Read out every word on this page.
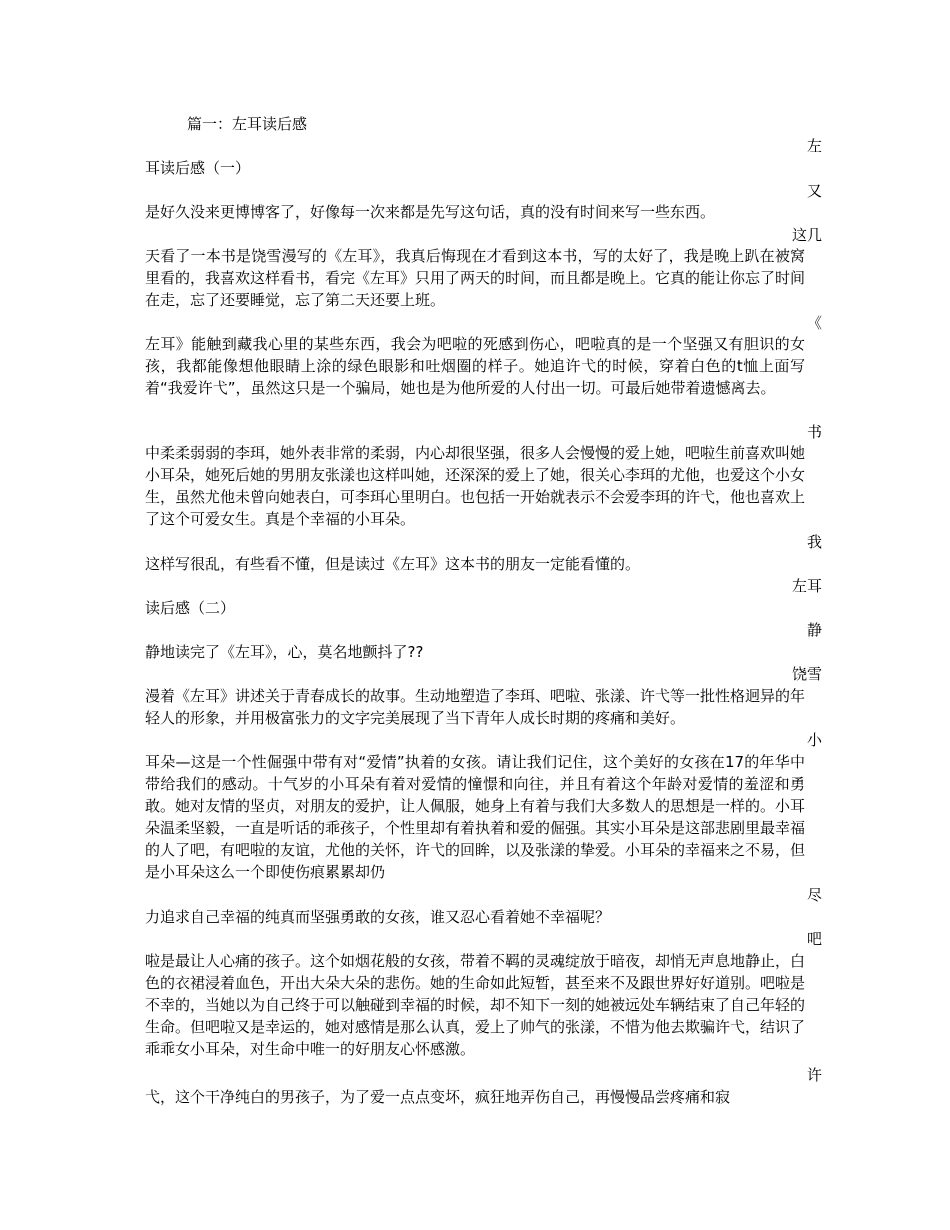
篇一：左耳读后感
左

耳读后感（一）

又

是好久没来更博博客了，好像每一次来都是先写这句话，真的没有时间来写一些东西。

这几

天看了一本书是饶雪漫写的《左耳》，我真后悔现在才看到这本书，写的太好了，我是晚上趴在被窝里看的，我喜欢这样看书，看完《左耳》只用了两天的时间，而且都是晚上。它真的能让你忘了时间在走，忘了还要睡觉，忘了第二天还要上班。

《

左耳》能触到藏我心里的某些东西，我会为吧啦的死感到伤心，吧啦真的是一个坚强又有胆识的女孩，我都能像想他眼睛上涂的绿色眼影和吐烟圈的样子。她追许弋的时候，穿着白色的t恤上面写着“我爱许弋”，虽然这只是一个骗局，她也是为他所爱的人付出一切。可最后她带着遗憾离去。

书

中柔柔弱弱的李珥，她外表非常的柔弱，内心却很坚强，很多人会慢慢的爱上她，吧啦生前喜欢叫她小耳朵，她死后她的男朋友张漾也这样叫她，还深深的爱上了她，很关心李珥的尤他，也爱这个小女生，虽然尤他未曾向她表白，可李珥心里明白。也包括一开始就表示不会爱李珥的许弋，他也喜欢上了这个可爱女生。真是个幸福的小耳朵。

我

这样写很乱，有些看不懂，但是读过《左耳》这本书的朋友一定能看懂的。

左耳

读后感（二）

静

静地读完了《左耳》，心，莫名地颤抖了??

饶雪

漫着《左耳》讲述关于青春成长的故事。生动地塑造了李珥、吧啦、张漾、许弋等一批性格迥异的年轻人的形象，并用极富张力的文字完美展现了当下青年人成长时期的疼痛和美好。

小

耳朵—这是一个性倔强中带有对“爱情”执着的女孩。请让我们记住，这个美好的女孩在17的年华中带给我们的感动。十气岁的小耳朵有着对爱情的憧憬和向往，并且有着这个年龄对爱情的羞涩和勇敢。她对友情的坚贞，对朋友的爱护，让人佩服，她身上有着与我们大多数人的思想是一样的。小耳朵温柔坚毅，一直是听话的乖孩子，个性里却有着执着和爱的倔强。其实小耳朵是这部悲剧里最幸福的人了吧，有吧啦的友谊，尤他的关怀，许弋的回眸，以及张漾的挚爱。小耳朵的幸福来之不易，但是小耳朵这么一个即使伤痕累累却仍

尽

力追求自己幸福的纯真而坚强勇敢的女孩，谁又忍心看着她不幸福呢？

吧

啦是最让人心痛的孩子。这个如烟花般的女孩，带着不羁的灵魂绽放于暗夜，却悄无声息地静止，白色的衣裙浸着血色，开出大朵大朵的悲伤。她的生命如此短暂，甚至来不及跟世界好好道别。吧啦是不幸的，当她以为自己终于可以触碰到幸福的时候，却不知下一刻的她被远处车辆结束了自己年轻的生命。但吧啦又是幸运的，她对感情是那么认真，爱上了帅气的张漾，不惜为他去欺骗许弋，结识了乖乖女小耳朵，对生命中唯一的好朋友心怀感激。

许

弋，这个干净纯白的男孩子，为了爱一点点变坏，疯狂地弄伤自己，再慢慢品尝疼痛和寂
